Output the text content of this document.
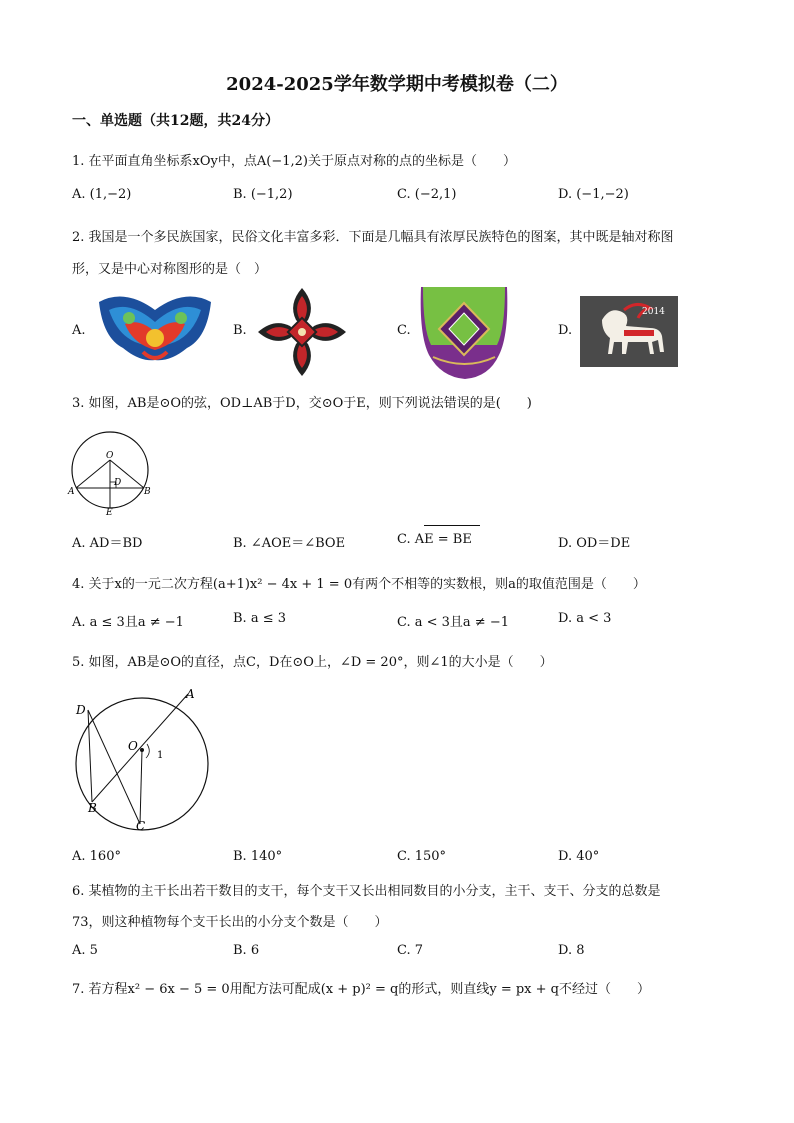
2024-2025学年数学期中考模拟卷（二）
一、单选题（共12题，共24分）
1. 在平面直角坐标系xOy中，点A(−1,2)关于原点对称的点的坐标是（　　）
A. (1,−2)	B. (−1,2)	C. (−2,1)	D. (−1,−2)
2. 我国是一个多民族国家，民俗文化丰富多彩．下面是几幅具有浓厚民族特色的图案，其中既是轴对称图
形，又是中心对称图形的是（　）
A.	B.	C.	D.
2014
3. 如图，AB是⊙O的弦，OD⊥AB于D，交⊙O于E，则下列说法错误的是(　　)
O
D
A	B
E
A. AD＝BD	B. ∠AOE＝∠BOE	C. AE = BE	D. OD＝DE
4. 关于x的一元二次方程(a+1)x² − 4x + 1 = 0有两个不相等的实数根，则a的取值范围是（　　）
A. a ≤ 3且a ≠ −1	B. a ≤ 3	C. a < 3且a ≠ −1	D. a < 3
5. 如图，AB是⊙O的直径，点C，D在⊙O上，∠D = 20°，则∠1的大小是（　　）
D
A
O
1
B
C
A. 160°	B. 140°	C. 150°	D. 40°
6. 某植物的主干长出若干数目的支干，每个支干又长出相同数目的小分支，主干、支干、分支的总数是
73，则这种植物每个支干长出的小分支个数是（　　）
A. 5	B. 6	C. 7	D. 8
7. 若方程x² − 6x − 5 = 0用配方法可配成(x + p)² = q的形式，则直线y = px + q不经过（　　）
